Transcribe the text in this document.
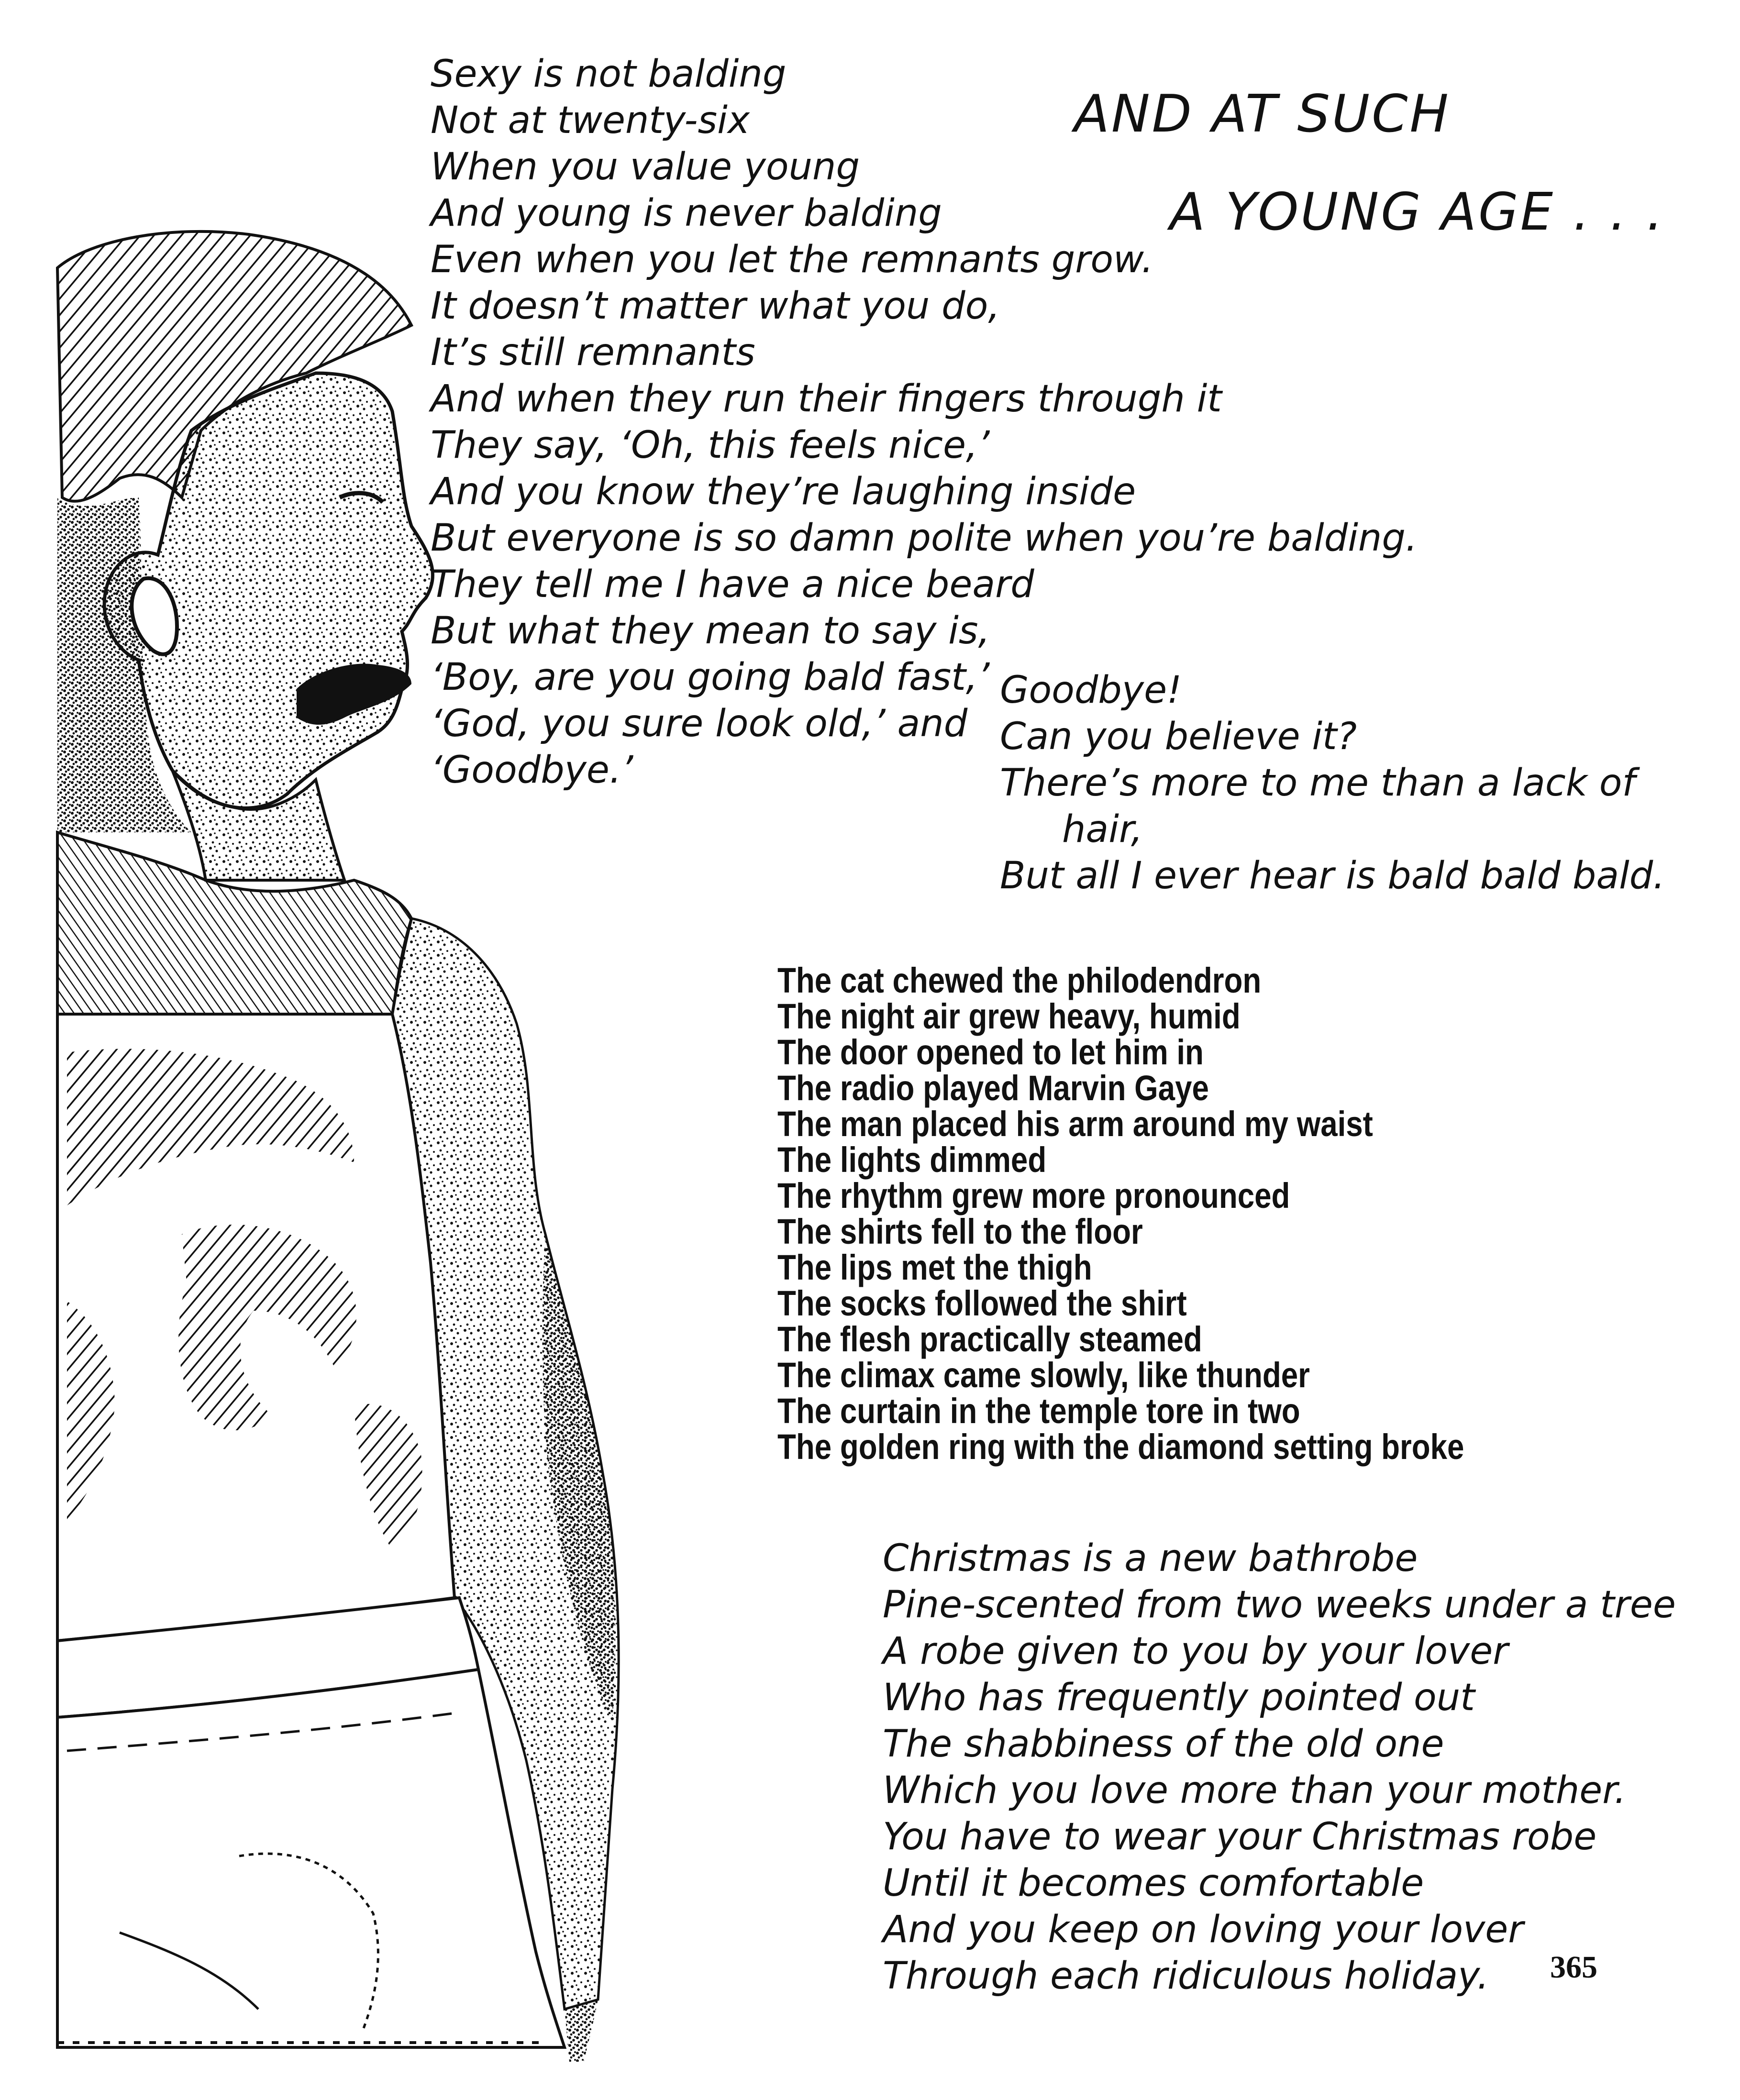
AND AT SUCH
A YOUNG AGE . . .
Sexy is not balding
Not at twenty-six
When you value young
And young is never balding
Even when you let the remnants grow.
It doesn’t matter what you do,
It’s still remnants
And when they run their fingers through it
They say, ‘Oh, this feels nice,’
And you know they’re laughing inside
But everyone is so damn polite when you’re balding.
They tell me I have a nice beard
But what they mean to say is,
‘Boy, are you going bald fast,’
‘God, you sure look old,’ and
‘Goodbye.’
Goodbye!
Can you believe it?
There’s more to me than a lack of
hair,
But all I ever hear is bald bald bald.
The cat chewed the philodendron
The night air grew heavy, humid
The door opened to let him in
The radio played Marvin Gaye
The man placed his arm around my waist
The lights dimmed
The rhythm grew more pronounced
The shirts fell to the floor
The lips met the thigh
The socks followed the shirt
The flesh practically steamed
The climax came slowly, like thunder
The curtain in the temple tore in two
The golden ring with the diamond setting broke
Christmas is a new bathrobe
Pine-scented from two weeks under a tree
A robe given to you by your lover
Who has frequently pointed out
The shabbiness of the old one
Which you love more than your mother.
You have to wear your Christmas robe
Until it becomes comfortable
And you keep on loving your lover
Through each ridiculous holiday.	365
